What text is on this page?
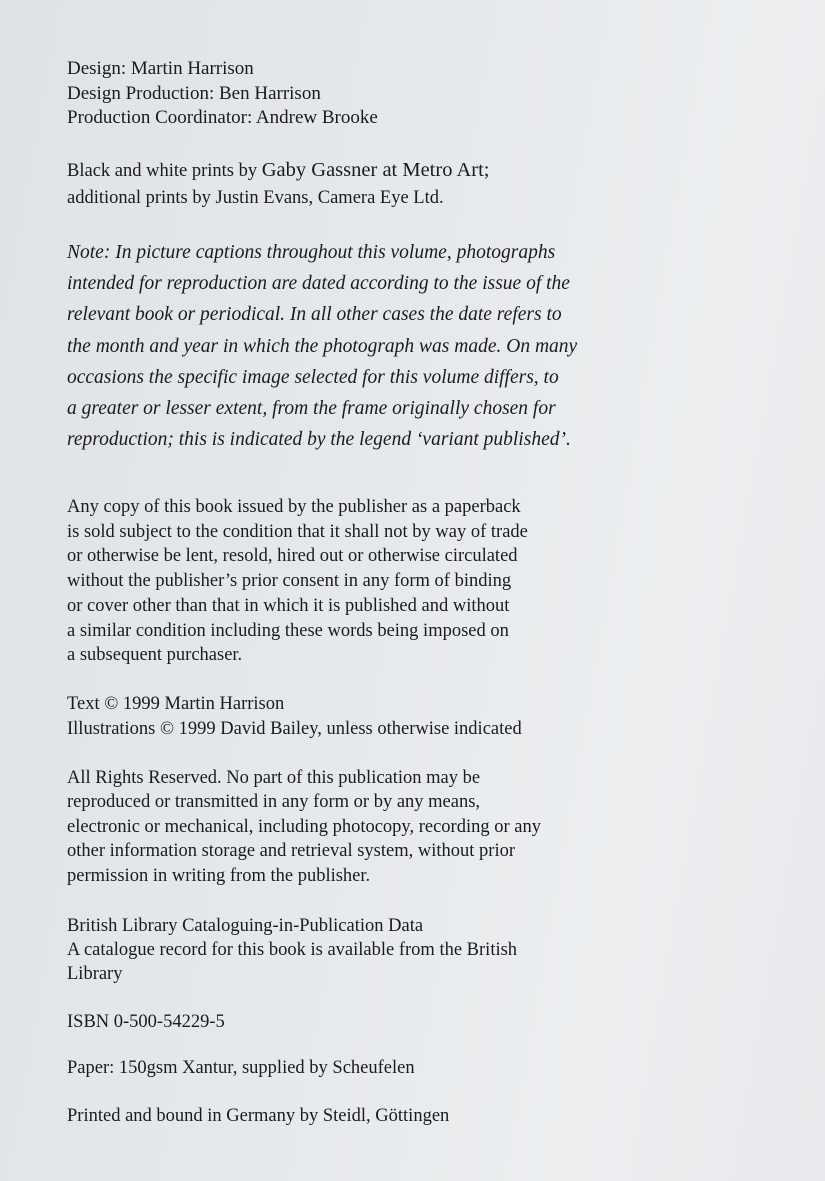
Design: Martin Harrison

Design Production: Ben Harrison

Production Coordinator: Andrew Brooke

Black and white prints by Gaby Gassner at Metro Art;

additional prints by Justin Evans, Camera Eye Ltd.

Note: In picture captions throughout this volume, photographs

intended for reproduction are dated according to the issue of the

relevant book or periodical. In all other cases the date refers to

the month and year in which the photograph was made. On many

occasions the specific image selected for this volume differs, to

a greater or lesser extent, from the frame originally chosen for

reproduction; this is indicated by the legend ‘variant published’.

Any copy of this book issued by the publisher as a paperback

is sold subject to the condition that it shall not by way of trade

or otherwise be lent, resold, hired out or otherwise circulated

without the publisher’s prior consent in any form of binding

or cover other than that in which it is published and without

a similar condition including these words being imposed on

a subsequent purchaser.

Text © 1999 Martin Harrison

Illustrations © 1999 David Bailey, unless otherwise indicated

All Rights Reserved. No part of this publication may be

reproduced or transmitted in any form or by any means,

electronic or mechanical, including photocopy, recording or any

other information storage and retrieval system, without prior

permission in writing from the publisher.

British Library Cataloguing-in-Publication Data

A catalogue record for this book is available from the British

Library

ISBN 0-500-54229-5
Paper: 150gsm Xantur, supplied by Scheufelen
Printed and bound in Germany by Steidl, Göttingen
